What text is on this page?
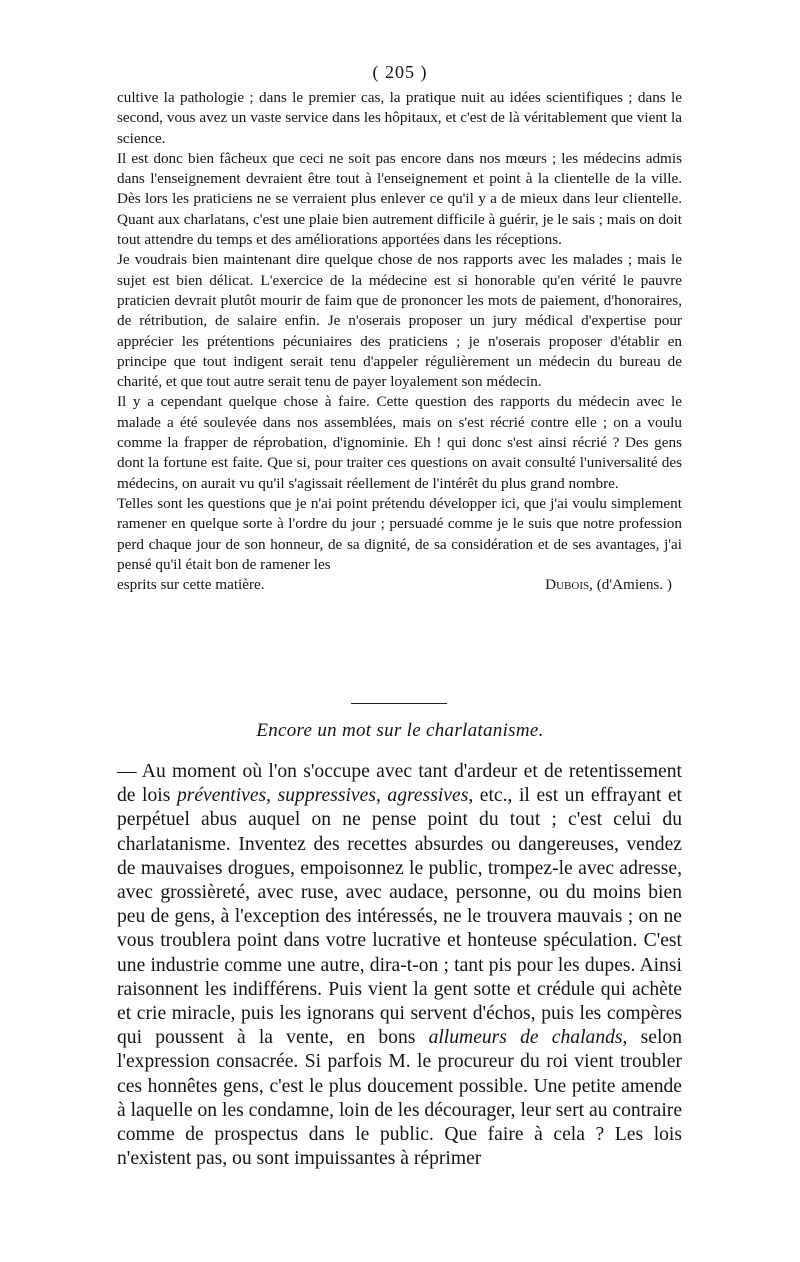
( 205 )

cultive la pathologie ; dans le premier cas, la pratique nuit au idées scientifiques ; dans le second, vous avez un vaste service dans les hôpitaux, et c'est de là véritablement que vient la science.

Il est donc bien fâcheux que ceci ne soit pas encore dans nos mœurs ; les médecins admis dans l'enseignement devraient être tout à l'enseignement et point à la clientelle de la ville. Dès lors les praticiens ne se verraient plus enlever ce qu'il y a de mieux dans leur clientelle. Quant aux charlatans, c'est une plaie bien autrement difficile à guérir, je le sais ; mais on doit tout attendre du temps et des améliorations apportées dans les réceptions.

Je voudrais bien maintenant dire quelque chose de nos rapports avec les malades ; mais le sujet est bien délicat. L'exercice de la médecine est si honorable qu'en vérité le pauvre praticien devrait plutôt mourir de faim que de prononcer les mots de paiement, d'honoraires, de rétribution, de salaire enfin. Je n'oserais proposer un jury médical d'expertise pour apprécier les prétentions pécuniaires des praticiens ; je n'oserais proposer d'établir en principe que tout indigent serait tenu d'appeler régulièrement un médecin du bureau de charité, et que tout autre serait tenu de payer loyalement son médecin.

Il y a cependant quelque chose à faire. Cette question des rapports du médecin avec le malade a été soulevée dans nos assemblées, mais on s'est récrié contre elle ; on a voulu comme la frapper de réprobation, d'ignominie. Eh ! qui donc s'est ainsi récrié ? Des gens dont la fortune est faite. Que si, pour traiter ces questions on avait consulté l'universalité des médecins, on aurait vu qu'il s'agissait réellement de l'intérêt du plus grand nombre.

Telles sont les questions que je n'ai point prétendu développer ici, que j'ai voulu simplement ramener en quelque sorte à l'ordre du jour ; persuadé comme je le suis que notre profession perd chaque jour de son honneur, de sa dignité, de sa considération et de ses avantages, j'ai pensé qu'il était bon de ramener les

esprits sur cette matière.	Dubois, (d'Amiens. )
Encore un mot sur le charlatanisme.

— Au moment où l'on s'occupe avec tant d'ardeur et de retentissement de lois préventives, suppressives, agressives, etc., il est un effrayant et perpétuel abus auquel on ne pense point du tout ; c'est celui du charlatanisme. Inventez des recettes absurdes ou dangereuses, vendez de mauvaises drogues, empoisonnez le public, trompez-le avec adresse, avec grossièreté, avec ruse, avec audace, personne, ou du moins bien peu de gens, à l'exception des intéressés, ne le trouvera mauvais ; on ne vous troublera point dans votre lucrative et honteuse spéculation. C'est une industrie comme une autre, dira-t-on ; tant pis pour les dupes. Ainsi raisonnent les indifférens. Puis vient la gent sotte et crédule qui achète et crie miracle, puis les ignorans qui servent d'échos, puis les compères qui poussent à la vente, en bons allumeurs de chalands, selon l'expression consacrée. Si parfois M. le procureur du roi vient troubler ces honnêtes gens, c'est le plus doucement possible. Une petite amende à laquelle on les condamne, loin de les décourager, leur sert au contraire comme de prospectus dans le public. Que faire à cela ? Les lois n'existent pas, ou sont impuissantes à réprimer
